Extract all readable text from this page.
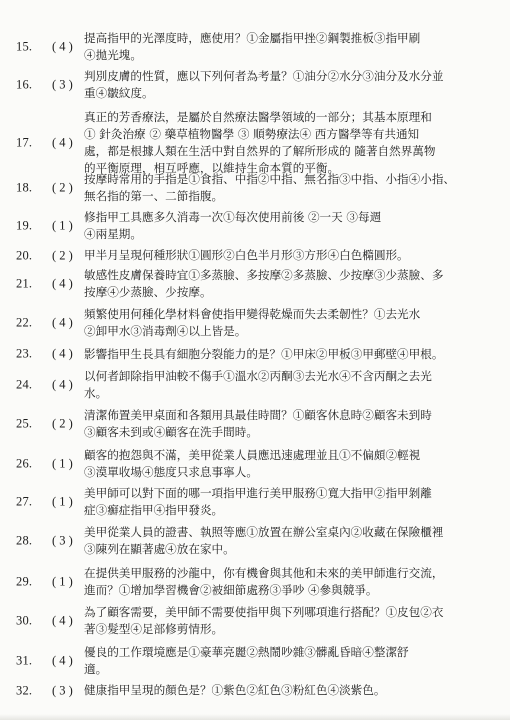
15.	( 4 )
提高指甲的光澤度時，應使用？①金屬指甲挫②鋼製推板③指甲刷
④拋光塊。
16.	( 3 )
判別皮膚的性質，應以下列何者為考量？①油分②水分③油分及水分並
重④皺紋度。
17.	( 4 )
真正的芳香療法，是屬於自然療法醫學領域的一部分；其基本原理和
① 針灸治療 ② 藥草植物醫學 ③ 順勢療法④ 西方醫學等有共通知
處，都是根據人類在生活中對自然界的了解所形成的 隨著自然界萬物
的平衡原理，相互呼應，以維持生命本質的平衡。
18.	( 2 )
按摩時常用的手指是①食指、中指②中指、無名指③中指、小指④小指、
無名指的第一、二節指腹。
19.	( 1 )
修指甲工具應多久消毒一次①每次使用前後 ②一天 ③每週
④兩星期。
20.	( 2 ) 甲半月呈現何種形狀①圓形②白色半月形③方形④白色橢圓形。
21.	( 4 )
敏感性皮膚保養時宜①多蒸臉、多按摩②多蒸臉、少按摩③少蒸臉、多
按摩④少蒸臉、少按摩。
22.	( 4 )
頻繁使用何種化學材料會使指甲變得乾燥而失去柔韌性？①去光水
②卸甲水③消毒劑④以上皆是。
23.	( 4 ) 影響指甲生長具有細胞分裂能力的是？①甲床②甲板③甲郵壁④甲根。
24.	( 4 )
以何者卸除指甲油較不傷手①溫水②丙酮③去光水④不含丙酮之去光
水。
25.	( 2 )
清潔佈置美甲桌面和各類用具最佳時間？①顧客休息時②顧客未到時
③顧客未到或④顧客在洗手間時。
26.	( 1 )
顧客的抱怨與不滿，美甲從業人員應迅速處理並且①不偏頗②輕視
③漠單收場④態度只求息事寧人。
27.	( 1 )
美甲師可以對下面的哪一項指甲進行美甲服務①寬大指甲②指甲剝離
症③癬症指甲④指甲發炎。
28.	( 3 )
美甲從業人員的證書、執照等應①放置在辦公室桌內②收藏在保險櫃裡
③陳列在顯著處④放在家中。
29.	( 1 )
在提供美甲服務的沙龍中，你有機會與其他和未來的美甲師進行交流，
進而？①增加學習機會②被細節處務③爭吵 ④參與競爭。
30.	( 4 )
為了顧客需要，美甲師不需要使指甲與下列哪項進行搭配？①皮包②衣
著③髮型④足部修剪情形。
31.	( 4 )
優良的工作環境應是①豪華亮麗②熱鬧吵雜③髒亂昏暗④整潔舒
適。
32.	( 3 ) 健康指甲呈現的顏色是？①紫色②紅色③粉紅色④淡紫色。
